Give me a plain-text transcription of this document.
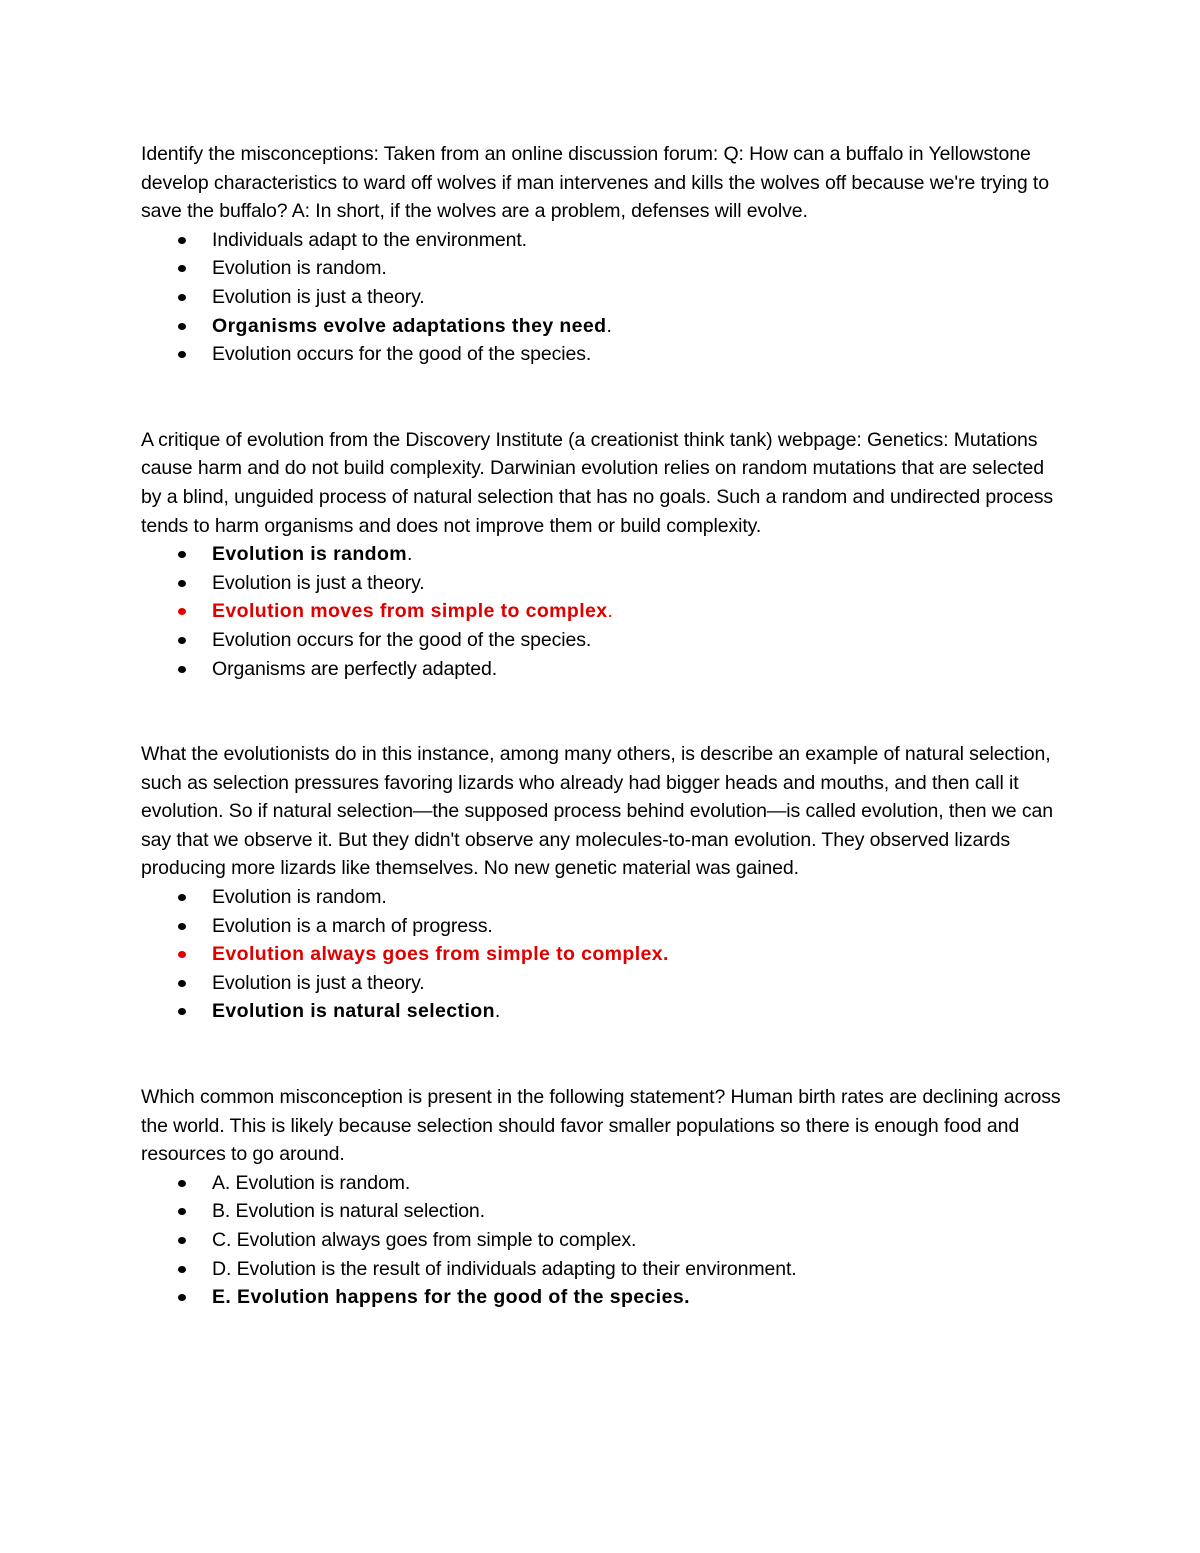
Identify the misconceptions: Taken from an online discussion forum: Q: How can a buffalo in Yellowstone develop characteristics to ward off wolves if man intervenes and kills the wolves off because we're trying to save the buffalo? A: In short, if the wolves are a problem, defenses will evolve.

Individuals adapt to the environment.
Evolution is random.
Evolution is just a theory.
Organisms evolve adaptations they need.
Evolution occurs for the good of the species.

A critique of evolution from the Discovery Institute (a creationist think tank) webpage: Genetics: Mutations cause harm and do not build complexity. Darwinian evolution relies on random mutations that are selected by a blind, unguided process of natural selection that has no goals. Such a random and undirected process tends to harm organisms and does not improve them or build complexity.

Evolution is random.
Evolution is just a theory.
Evolution moves from simple to complex.
Evolution occurs for the good of the species.
Organisms are perfectly adapted.

What the evolutionists do in this instance, among many others, is describe an example of natural selection, such as selection pressures favoring lizards who already had bigger heads and mouths, and then call it evolution. So if natural selection—the supposed process behind evolution—is called evolution, then we can say that we observe it. But they didn't observe any molecules-to-man evolution. They observed lizards producing more lizards like themselves. No new genetic material was gained.

Evolution is random.
Evolution is a march of progress.
Evolution always goes from simple to complex.
Evolution is just a theory.
Evolution is natural selection.

Which common misconception is present in the following statement? Human birth rates are declining across the world. This is likely because selection should favor smaller populations so there is enough food and resources to go around.

A. Evolution is random.
B. Evolution is natural selection.
C. Evolution always goes from simple to complex.
D. Evolution is the result of individuals adapting to their environment.
E. Evolution happens for the good of the species.
